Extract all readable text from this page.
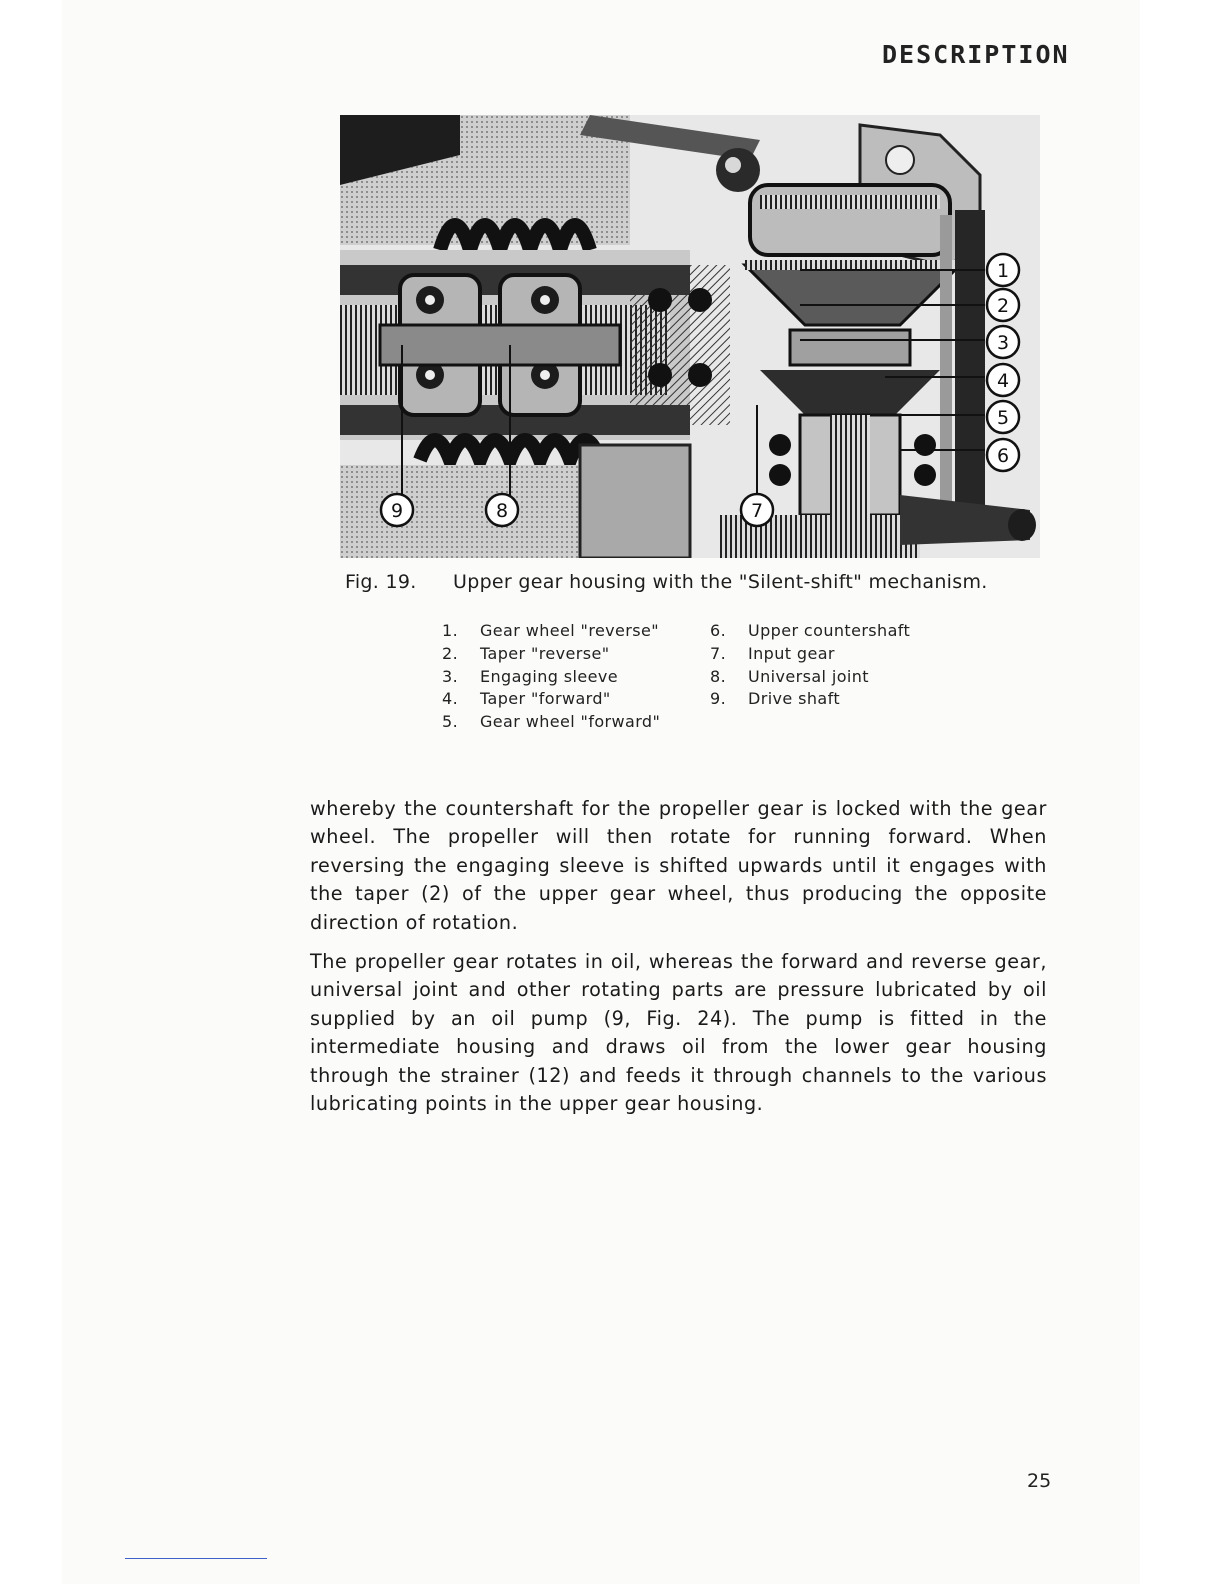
DESCRIPTION
1
2
3
4
5
6
7
8
9
Fig. 19. Upper gear housing with the "Silent-shift" mechanism.
1. Gear wheel "reverse"
2. Taper "reverse"
3. Engaging sleeve
4. Taper "forward"
5. Gear wheel "forward"
6. Upper countershaft
7. Input gear
8. Universal joint
9. Drive shaft

whereby the countershaft for the propeller gear is locked with the gear wheel. The propeller will then rotate for running forward. When reversing the engaging sleeve is shifted upwards until it engages with the taper (2) of the upper gear wheel, thus producing the opposite direction of rotation.

The propeller gear rotates in oil, whereas the forward and reverse gear, universal joint and other rotating parts are pressure lubricated by oil supplied by an oil pump (9, Fig. 24). The pump is fitted in the intermediate housing and draws oil from the lower gear housing through the strainer (12) and feeds it through channels to the various lubricating points in the upper gear housing.

25
